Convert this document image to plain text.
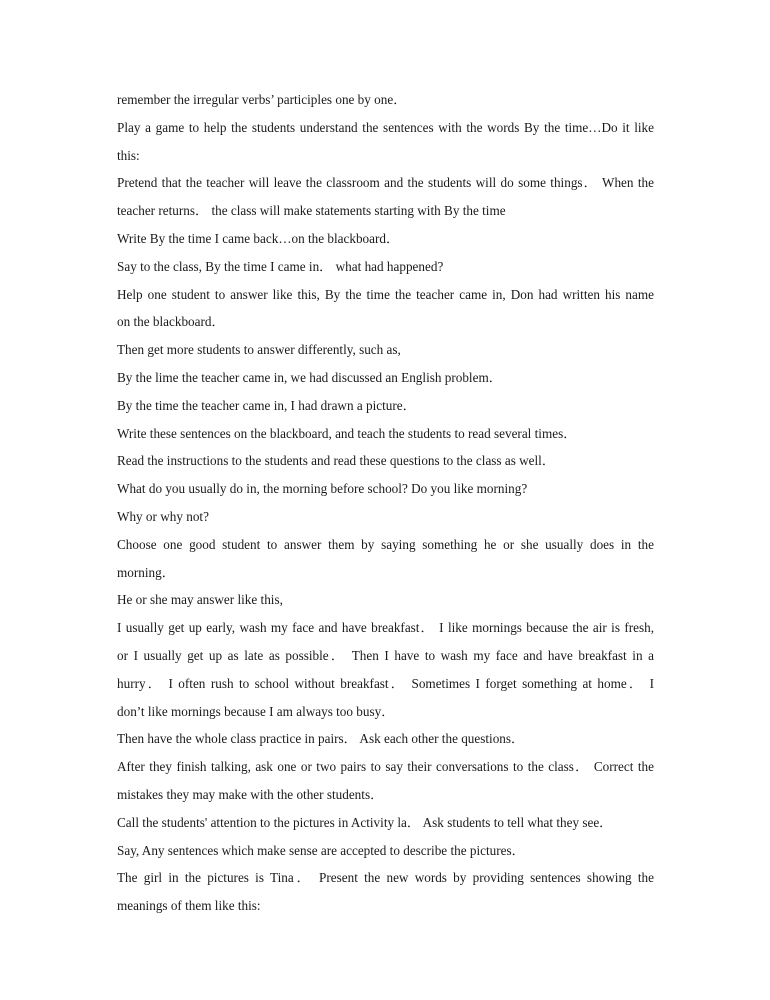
remember the irregular verbs’ participles one by one．

Play a game to help the students understand the sentences with the words By the time…Do it like

this:

Pretend that the teacher will leave the classroom and the students will do some things． When the

teacher returns． the class will make statements starting with By the time

Write By the time I came back…on the blackboard．

Say to the class, By the time I came in． what had happened?

Help one student to answer like this, By the time the teacher came in, Don had written his name

on the blackboard．

Then get more students to answer differently, such as,

By the lime the teacher came in, we had discussed an English problem．

By the time the teacher came in, I had drawn a picture．

Write these sentences on the blackboard, and teach the students to read several times．

Read the instructions to the students and read these questions to the class as well．

What do you usually do in, the morning before school? Do you like morning?

Why or why not?

Choose one good student to answer them by saying something he or she usually does in the

morning．

He or she may answer like this,

I usually get up early, wash my face and have breakfast． I like mornings because the air is fresh,

or I usually get up as late as possible． Then I have to wash my face and have breakfast in a

hurry． I often rush to school without breakfast． Sometimes I forget something at home． I

don’t like mornings because I am always too busy．

Then have the whole class practice in pairs． Ask each other the questions．

After they finish talking, ask one or two pairs to say their conversations to the class． Correct the

mistakes they may make with the other students．

Call the students' attention to the pictures in Activity la． Ask students to tell what they see．

Say, Any sentences which make sense are accepted to describe the pictures．

The girl in the pictures is Tina． Present the new words by providing sentences showing the

meanings of them like this:
